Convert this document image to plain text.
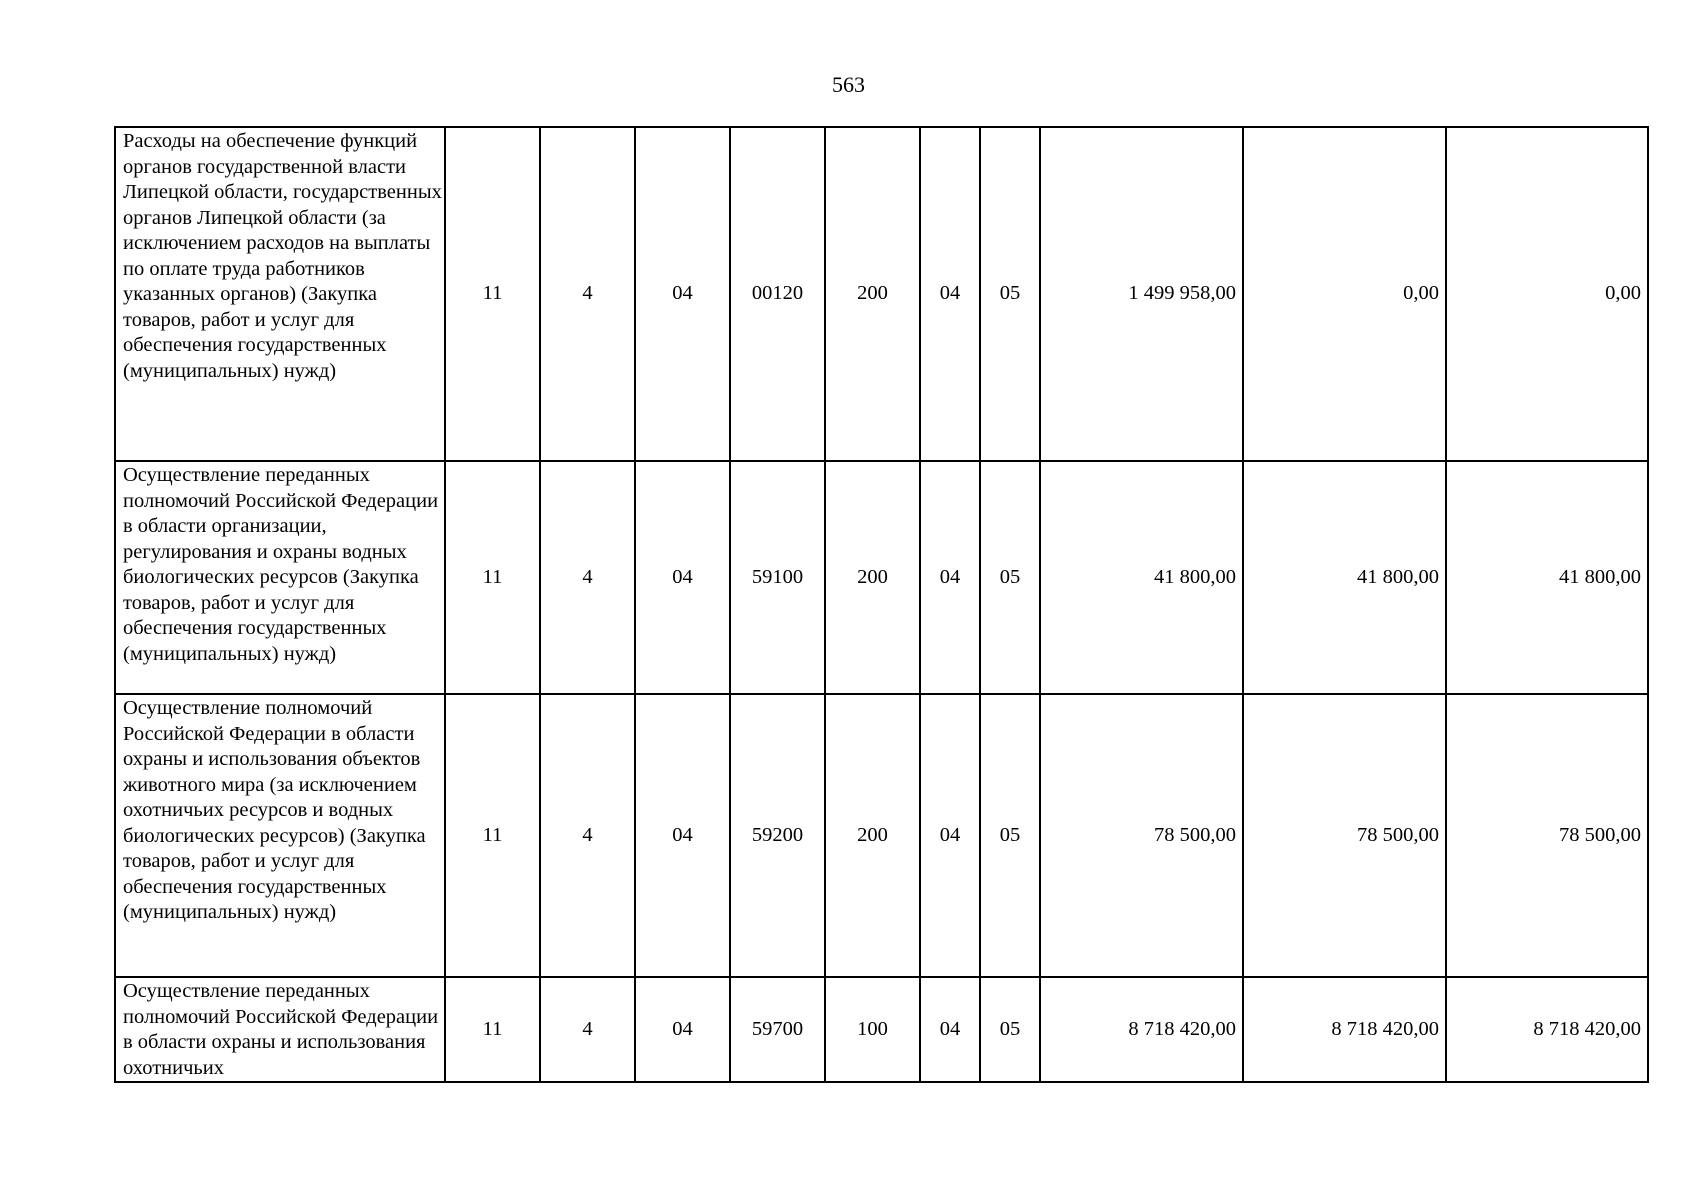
563
Расходы на обеспечение функций органов государственной власти Липецкой области, государственных органов Липецкой области (за исключением расходов на выплаты по оплате труда работников указанных органов) (Закупка товаров, работ и услуг для обеспечения государственных (муниципальных) нужд)	11	4	04	00120	200	04	05	1 499 958,00	0,00	0,00
Осуществление переданных полномочий Российской Федерации в области организации, регулирования и охраны водных биологических ресурсов (Закупка товаров, работ и услуг для обеспечения государственных (муниципальных) нужд)	11	4	04	59100	200	04	05	41 800,00	41 800,00	41 800,00
Осуществление полномочий Российской Федерации в области охраны и использования объектов животного мира (за исключением охотничьих ресурсов и водных биологических ресурсов) (Закупка товаров, работ и услуг для обеспечения государственных (муниципальных) нужд)	11	4	04	59200	200	04	05	78 500,00	78 500,00	78 500,00
Осуществление переданных полномочий Российской Федерации в области охраны и использования охотничьих	11	4	04	59700	100	04	05	8 718 420,00	8 718 420,00	8 718 420,00
